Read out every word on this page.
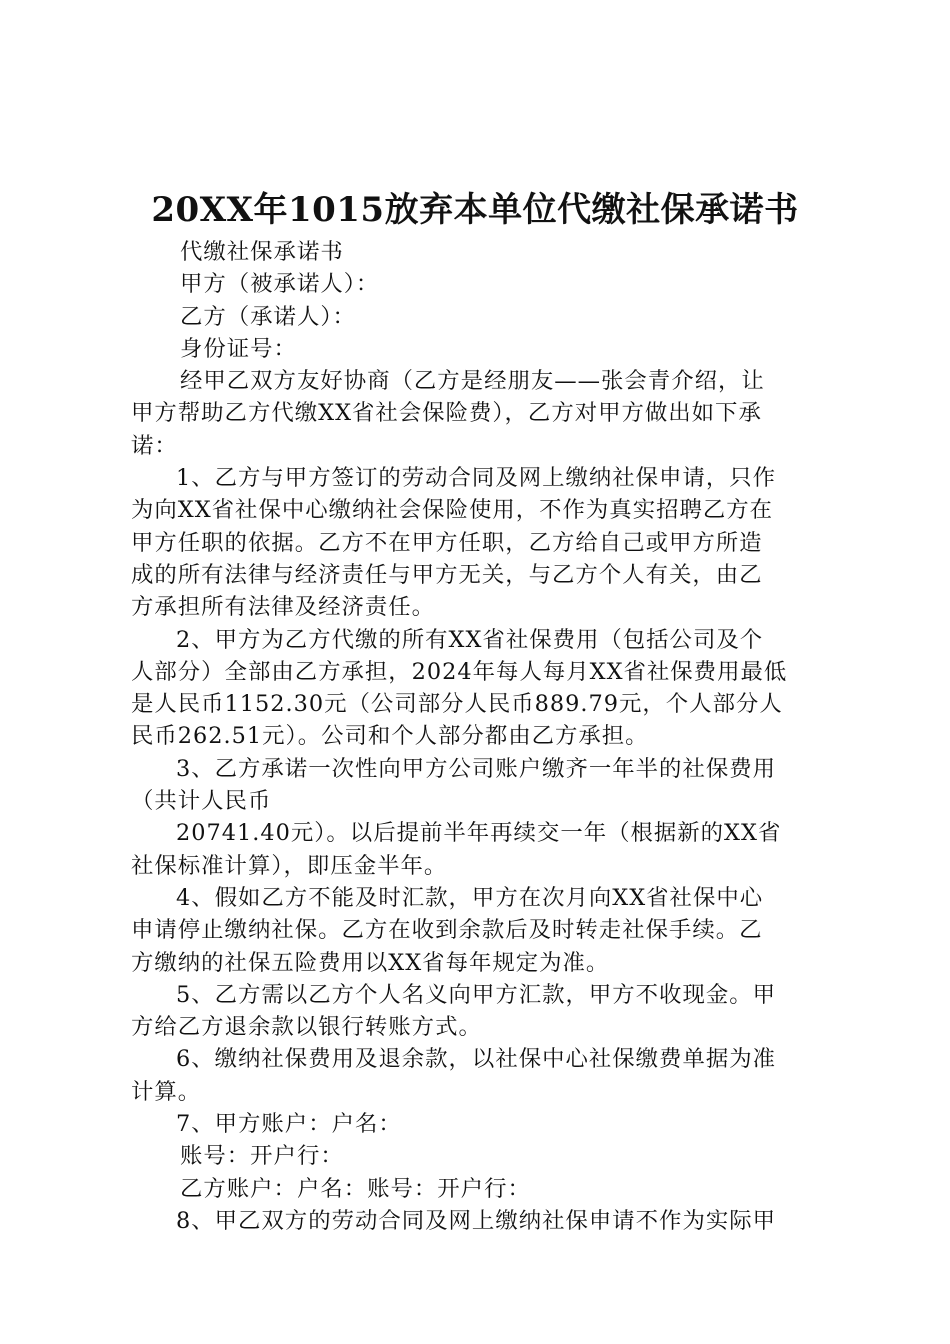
20XX年1015放弃本单位代缴社保承诺书
代缴社保承诺书
甲方（被承诺人）：
乙方（承诺人）：
身份证号：
经甲乙双方友好协商（乙方是经朋友——张会青介绍，让
甲方帮助乙方代缴XX省社会保险费），乙方对甲方做出如下承
诺：
1、乙方与甲方签订的劳动合同及网上缴纳社保申请，只作
为向XX省社保中心缴纳社会保险使用，不作为真实招聘乙方在
甲方任职的依据。乙方不在甲方任职，乙方给自己或甲方所造
成的所有法律与经济责任与甲方无关，与乙方个人有关，由乙
方承担所有法律及经济责任。
2、甲方为乙方代缴的所有XX省社保费用（包括公司及个
人部分）全部由乙方承担，2024年每人每月XX省社保费用最低
是人民币1152.30元（公司部分人民币889.79元，个人部分人
民币262.51元）。公司和个人部分都由乙方承担。
3、乙方承诺一次性向甲方公司账户缴齐一年半的社保费用
（共计人民币
20741.40元）。以后提前半年再续交一年（根据新的XX省
社保标准计算），即压金半年。
4、假如乙方不能及时汇款，甲方在次月向XX省社保中心
申请停止缴纳社保。乙方在收到余款后及时转走社保手续。乙
方缴纳的社保五险费用以XX省每年规定为准。
5、乙方需以乙方个人名义向甲方汇款，甲方不收现金。甲
方给乙方退余款以银行转账方式。
6、缴纳社保费用及退余款，以社保中心社保缴费单据为准
计算。
7、甲方账户：户名：
账号：开户行：
乙方账户：户名：账号：开户行：
8、甲乙双方的劳动合同及网上缴纳社保申请不作为实际甲
